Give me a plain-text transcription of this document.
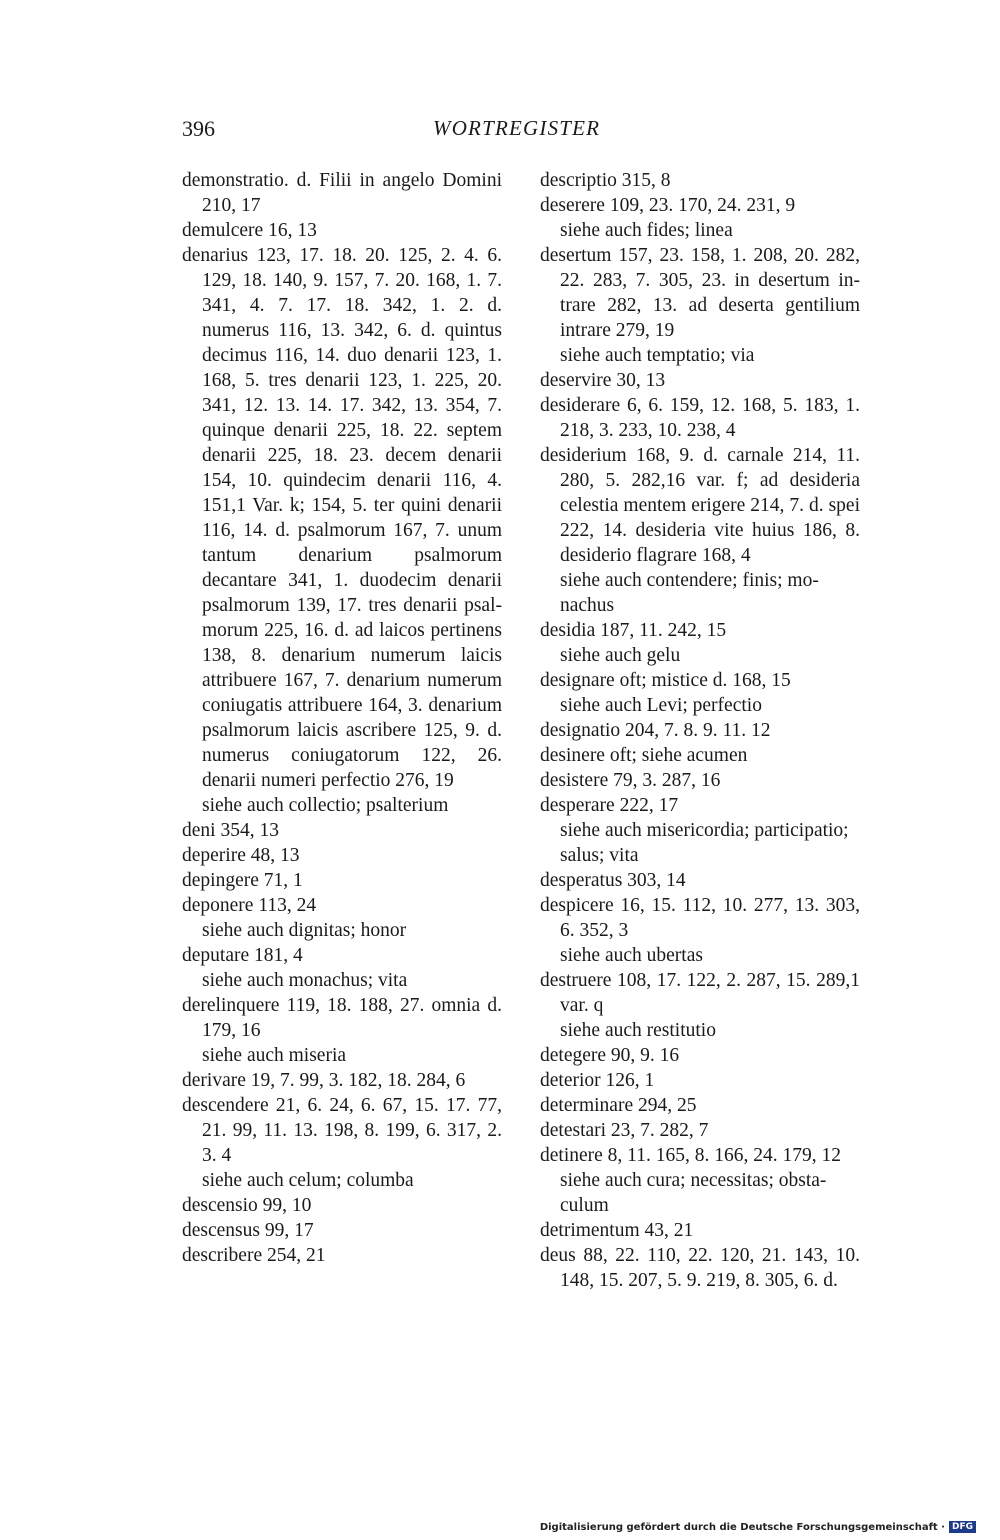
396	WORTREGISTER
demonstratio. d. Filii in angelo Domini 210, 17
demulcere 16, 13
denarius 123, 17. 18. 20. 125, 2. 4. 6. 129, 18. 140, 9. 157, 7. 20. 168, 1. 7. 341, 4. 7. 17. 18. 342, 1. 2. d. numerus 116, 13. 342, 6. d. quintus decimus 116, 14. duo denarii 123, 1. 168, 5. tres denarii 123, 1. 225, 20. 341, 12. 13. 14. 17. 342, 13. 354, 7. quinque denarii 225, 18. 22. septem denarii 225, 18. 23. decem denarii 154, 10. quindecim denarii 116, 4. 151,1 Var. k; 154, 5. ter quini denarii 116, 14. d. psalmorum 167, 7. unum tantum denarium psalmorum decantare 341, 1. duodecim denarii psalmorum 139, 17. tres denarii psalmorum 225, 16. d. ad laicos pertinens 138, 8. denarium numerum laicis attribuere 167, 7. denarium numerum coniugatis attribuere 164, 3. denarium psalmorum laicis ascribere 125, 9. d. numerus coniugatorum 122, 26. denarii numeri perfectio 276, 19
siehe auch collectio; psalterium
deni 354, 13
deperire 48, 13
depingere 71, 1
deponere 113, 24
siehe auch dignitas; honor
deputare 181, 4
siehe auch monachus; vita
derelinquere 119, 18. 188, 27. omnia d. 179, 16
siehe auch miseria
derivare 19, 7. 99, 3. 182, 18. 284, 6
descendere 21, 6. 24, 6. 67, 15. 17. 77, 21. 99, 11. 13. 198, 8. 199, 6. 317, 2. 3. 4
siehe auch celum; columba
descensio 99, 10
descensus 99, 17
describere 254, 21
descriptio 315, 8
deserere 109, 23. 170, 24. 231, 9
siehe auch fides; linea
desertum 157, 23. 158, 1. 208, 20. 282, 22. 283, 7. 305, 23. in desertum intrare 282, 13. ad deserta gentilium intrare 279, 19
siehe auch temptatio; via
deservire 30, 13
desiderare 6, 6. 159, 12. 168, 5. 183, 1. 218, 3. 233, 10. 238, 4
desiderium 168, 9. d. carnale 214, 11. 280, 5. 282,16 var. f; ad desideria celestia mentem erigere 214, 7. d. spei 222, 14. desideria vite huius 186, 8. desiderio flagrare 168, 4
siehe auch contendere; finis; monachus
desidia 187, 11. 242, 15
siehe auch gelu
designare oft; mistice d. 168, 15
siehe auch Levi; perfectio
designatio 204, 7. 8. 9. 11. 12
desinere oft; siehe acumen
desistere 79, 3. 287, 16
desperare 222, 17
siehe auch misericordia; participatio; salus; vita
desperatus 303, 14
despicere 16, 15. 112, 10. 277, 13. 303, 6. 352, 3
siehe auch ubertas
destruere 108, 17. 122, 2. 287, 15. 289,1 var. q
siehe auch restitutio
detegere 90, 9. 16
deterior 126, 1
determinare 294, 25
detestari 23, 7. 282, 7
detinere 8, 11. 165, 8. 166, 24. 179, 12
siehe auch cura; necessitas; obstaculum
detrimentum 43, 21
deus 88, 22. 110, 22. 120, 21. 143, 10. 148, 15. 207, 5. 9. 219, 8. 305, 6. d.
Digitalisierung gefördert durch die Deutsche Forschungsgemeinschaft · DFG
